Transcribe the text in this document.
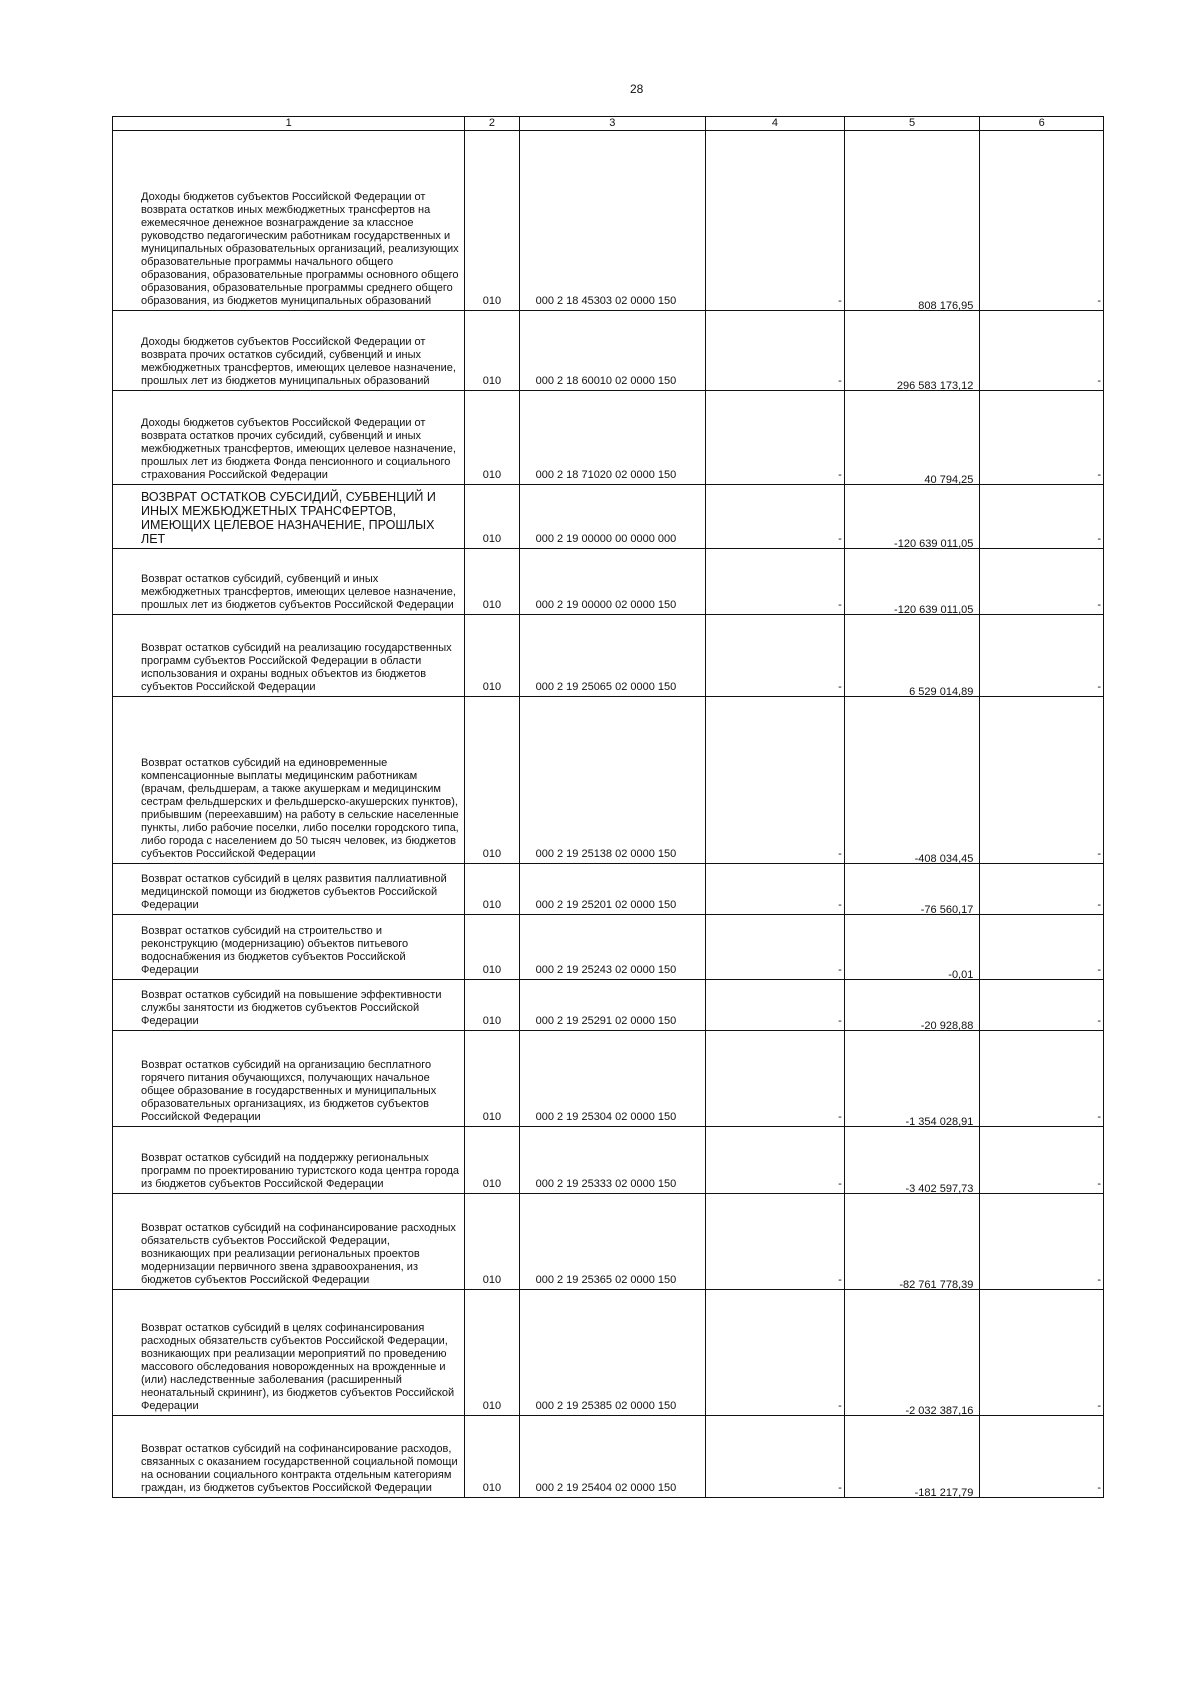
28
1	2	3	4	5	6
Доходы бюджетов субъектов Российской Федерации от возврата остатков иных межбюджетных трансфертов на ежемесячное денежное вознаграждение за классное руководство педагогическим работникам государственных и муниципальных образовательных организаций, реализующих образовательные программы начального общего образования, образовательные программы основного общего образования, образовательные программы среднего общего образования, из бюджетов муниципальных образований	010	000 2 18 45303 02 0000 150	-	808 176,95	-
Доходы бюджетов субъектов Российской Федерации от возврата прочих остатков субсидий, субвенций и иных межбюджетных трансфертов, имеющих целевое назначение, прошлых лет из бюджетов муниципальных образований	010	000 2 18 60010 02 0000 150	-	296 583 173,12	-
Доходы бюджетов субъектов Российской Федерации от возврата остатков прочих субсидий, субвенций и иных межбюджетных трансфертов, имеющих целевое назначение, прошлых лет из бюджета Фонда пенсионного и социального страхования Российской Федерации	010	000 2 18 71020 02 0000 150	-	40 794,25	-
ВОЗВРАТ ОСТАТКОВ СУБСИДИЙ, СУБВЕНЦИЙ И ИНЫХ МЕЖБЮДЖЕТНЫХ ТРАНСФЕРТОВ, ИМЕЮЩИХ ЦЕЛЕВОЕ НАЗНАЧЕНИЕ, ПРОШЛЫХ ЛЕТ	010	000 2 19 00000 00 0000 000	-	-120 639 011,05	-
Возврат остатков субсидий, субвенций и иных межбюджетных трансфертов, имеющих целевое назначение, прошлых лет из бюджетов субъектов Российской Федерации	010	000 2 19 00000 02 0000 150	-	-120 639 011,05	-
Возврат остатков субсидий на реализацию государственных программ субъектов Российской Федерации в области использования и охраны водных объектов из бюджетов субъектов Российской Федерации	010	000 2 19 25065 02 0000 150	-	6 529 014,89	-
Возврат остатков субсидий на единовременные компенсационные выплаты медицинским работникам (врачам, фельдшерам, а также акушеркам и медицинским сестрам фельдшерских и фельдшерско-акушерских пунктов), прибывшим (переехавшим) на работу в сельские населенные пункты, либо рабочие поселки, либо поселки городского типа, либо города с населением до 50 тысяч человек, из бюджетов субъектов Российской Федерации	010	000 2 19 25138 02 0000 150	-	-408 034,45	-
Возврат остатков субсидий в целях развития паллиативной медицинской помощи из бюджетов субъектов Российской Федерации	010	000 2 19 25201 02 0000 150	-	-76 560,17	-
Возврат остатков субсидий на строительство и реконструкцию (модернизацию) объектов питьевого водоснабжения из бюджетов субъектов Российской Федерации	010	000 2 19 25243 02 0000 150	-	-0,01	-
Возврат остатков субсидий на повышение эффективности службы занятости из бюджетов субъектов Российской Федерации	010	000 2 19 25291 02 0000 150	-	-20 928,88	-
Возврат остатков субсидий на организацию бесплатного горячего питания обучающихся, получающих начальное общее образование в государственных и муниципальных образовательных организациях, из бюджетов субъектов Российской Федерации	010	000 2 19 25304 02 0000 150	-	-1 354 028,91	-
Возврат остатков субсидий на поддержку региональных программ по проектированию туристского кода центра города из бюджетов субъектов Российской Федерации	010	000 2 19 25333 02 0000 150	-	-3 402 597,73	-
Возврат остатков субсидий на софинансирование расходных обязательств субъектов Российской Федерации, возникающих при реализации региональных проектов модернизации первичного звена здравоохранения, из бюджетов субъектов Российской Федерации	010	000 2 19 25365 02 0000 150	-	-82 761 778,39	-
Возврат остатков субсидий в целях софинансирования расходных обязательств субъектов Российской Федерации, возникающих при реализации мероприятий по проведению массового обследования новорожденных на врожденные и (или) наследственные заболевания (расширенный неонатальный скрининг), из бюджетов субъектов Российской Федерации	010	000 2 19 25385 02 0000 150	-	-2 032 387,16	-
Возврат остатков субсидий на софинансирование расходов, связанных с оказанием государственной социальной помощи на основании социального контракта отдельным категориям граждан, из бюджетов субъектов Российской Федерации	010	000 2 19 25404 02 0000 150	-	-181 217,79	-
